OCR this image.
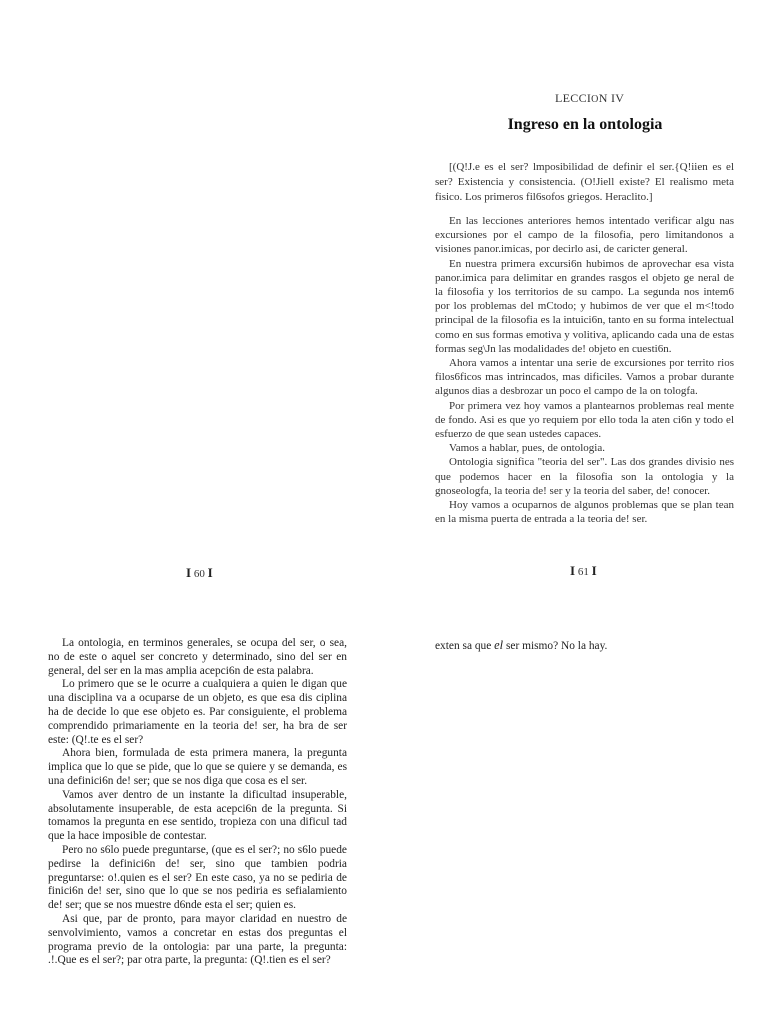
LECCION IV
Ingreso en la ontologia
[(Q!J.e es el ser? lmposibilidad de definir el ser.{Q!iien es el ser? Existencia y consistencia. (O!Jiell existe? El realismo meta fisico. Los primeros fil6sofos griegos. Heraclito.]

En las lecciones anteriores hemos intentado verificar algu nas excursiones por el campo de la filosofia, pero limitandonos a visiones panor.imicas, por decirlo asi, de caricter general.

En nuestra primera excursi6n hubimos de aprovechar esa vista panor.imica para delimitar en grandes rasgos el objeto ge neral de la filosofia y los territorios de su campo. La segunda nos intem6 por los problemas del mCtodo; y hubimos de ver que el m<!todo principal de la filosofia es la intuici6n, tanto en su forma intelectual como en sus formas emotiva y volitiva, aplicando cada una de estas formas seg\Jn las modalidades de! objeto en cuesti6n.

Ahora vamos a intentar una serie de excursiones por territo rios filos6ficos mas intrincados, mas dificiles. Vamos a probar durante algunos dias a desbrozar un poco el campo de la on tologfa.

Por primera vez hoy vamos a plantearnos problemas real mente de fondo. Asi es que yo requiem por ello toda la aten ci6n y todo el esfuerzo de que sean ustedes capaces.

Vamos a hablar, pues, de ontologia.

Ontologia significa "teoria del ser". Las dos grandes divisio nes que podemos hacer en la filosofia son la ontologia y la gnoseologfa, la teoria de! ser y la teoria del saber, de! conocer.

Hoy vamos a ocuparnos de algunos problemas que se plan tean en la misma puerta de entrada a la teoria de! ser.

I 60 I	I 61 I

La ontologia, en terminos generales, se ocupa del ser, o sea, no de este o aquel ser concreto y determinado, sino del ser en general, del ser en la mas amplia acepci6n de esta palabra.

Lo primero que se le ocurre a cualquiera a quien le digan que una disciplina va a ocuparse de un objeto, es que esa dis ciplina ha de decide lo que ese objeto es. Par consiguiente, el problema comprendido primariamente en la teoria de! ser, ha bra de ser este: (Q!.te es el ser?

Ahora bien, formulada de esta primera manera, la pregunta implica que lo que se pide, que lo que se quiere y se demanda, es una definici6n de! ser; que se nos diga que cosa es el ser.

Vamos aver dentro de un instante la dificultad insuperable, absolutamente insuperable, de esta acepci6n de la pregunta. Si tomamos la pregunta en ese sentido, tropieza con una dificul tad que la hace imposible de contestar.

Pero no s6lo puede preguntarse, (que es el ser?; no s6lo puede pedirse la definici6n de! ser, sino que tambien podria preguntarse: o!.quien es el ser? En este caso, ya no se pediria de finici6n de! ser, sino que lo que se nos pediria es sefialamiento de! ser; que se nos muestre d6nde esta el ser; quien es.

Asi que, par de pronto, para mayor claridad en nuestro de senvolvimiento, vamos a concretar en estas dos preguntas el programa previo de la ontologia: par una parte, la pregunta: .!.Que es el ser?; par otra parte, la pregunta: (Q!.tien es el ser?

exten sa que el ser mismo? No la hay.
